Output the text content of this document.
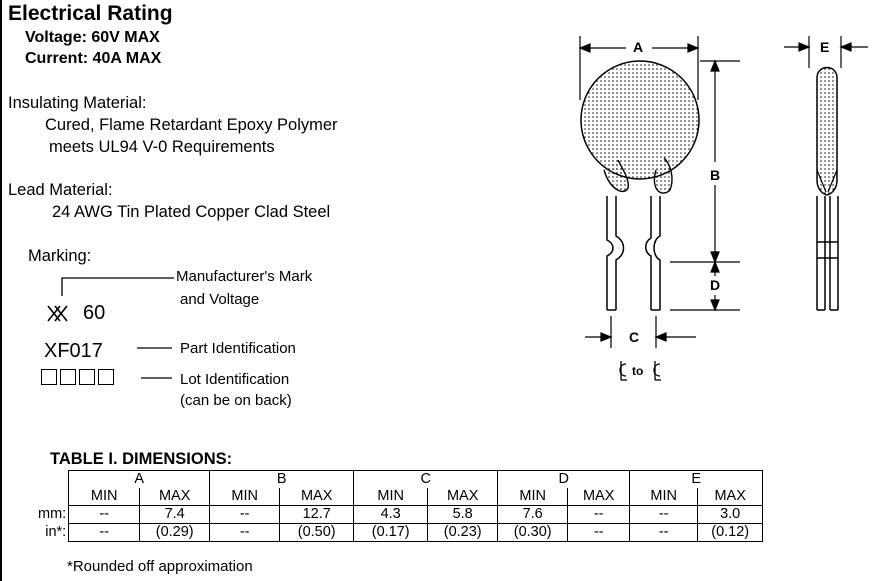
Electrical Rating
Voltage: 60V MAX
Current: 40A MAX
Insulating Material:
Cured, Flame Retardant Epoxy Polymer
meets UL94 V-0 Requirements
Lead Material:
24 AWG Tin Plated Copper Clad Steel
Marking:
60
Manufacturer's Mark
and Voltage
XF017	Part Identification
Lot Identification
(can be on back)
A
B
D
C
to
E
TABLE I. DIMENSIONS:
	A		B		C		D		E	
	MIN	MAX	MIN	MAX	MIN	MAX	MIN	MAX	MIN	MAX
mm:	--	7.4	--	12.7	4.3	5.8	7.6	--	--	3.0
in*:	--	(0.29)	--	(0.50)	(0.17)	(0.23)	(0.30)	--	--	(0.12)
*Rounded off approximation
